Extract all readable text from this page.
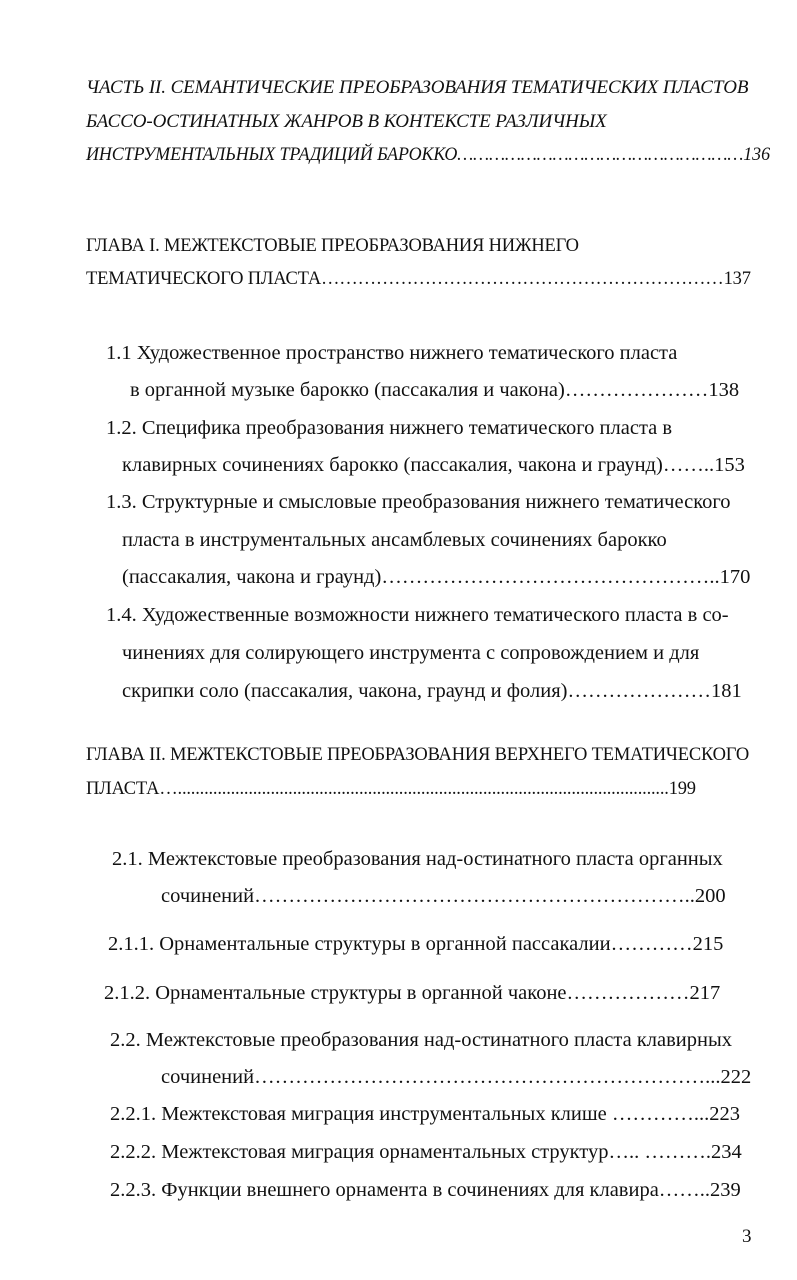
ЧАСТЬ II. СЕМАНТИЧЕСКИЕ ПРЕОБРАЗОВАНИЯ ТЕМАТИЧЕСКИХ ПЛАСТОВ
БАССО-ОСТИНАТНЫХ ЖАНРОВ В КОНТЕКСТЕ РАЗЛИЧНЫХ
ИНСТРУМЕНТАЛЬНЫХ ТРАДИЦИЙ БАРОККО………………………………………………136
ГЛАВА I. МЕЖТЕКСТОВЫЕ ПРЕОБРАЗОВАНИЯ НИЖНЕГО
ТЕМАТИЧЕСКОГО ПЛАСТА…………………………………………………………137
1.1 Художественное пространство нижнего тематического пласта
в органной музыке барокко (пассакалия и чакона)…………………138
1.2. Специфика преобразования нижнего тематического пласта в
клавирных сочинениях барокко (пассакалия, чакона и граунд)……..153
1.3. Структурные и смысловые преобразования нижнего тематического
пласта в инструментальных ансамблевых сочинениях барокко
(пассакалия, чакона и граунд)…………………………………………..170
1.4. Художественные возможности нижнего тематического пласта в со-
чинениях для солирующего инструмента с сопровождением и для
скрипки соло (пассакалия, чакона, граунд и фолия)…………………181
ГЛАВА II. МЕЖТЕКСТОВЫЕ ПРЕОБРАЗОВАНИЯ ВЕРХНЕГО ТЕМАТИЧЕСКОГО
ПЛАСТА…...............................................................................................................199
2.1. Межтекстовые преобразования над-остинатного пласта органных
сочинений………………………………………………………..200
2.1.1. Орнаментальные структуры в органной пассакалии…………215
2.1.2. Орнаментальные структуры в органной чаконе………………217
2.2. Межтекстовые преобразования над-остинатного пласта клавирных
сочинений…………………………………………………………...222
2.2.1. Межтекстовая миграция инструментальных клише …………...223
2.2.2. Межтекстовая миграция орнаментальных структур….. ……….234
2.2.3. Функции внешнего орнамента в сочинениях для клавира……..239
3
